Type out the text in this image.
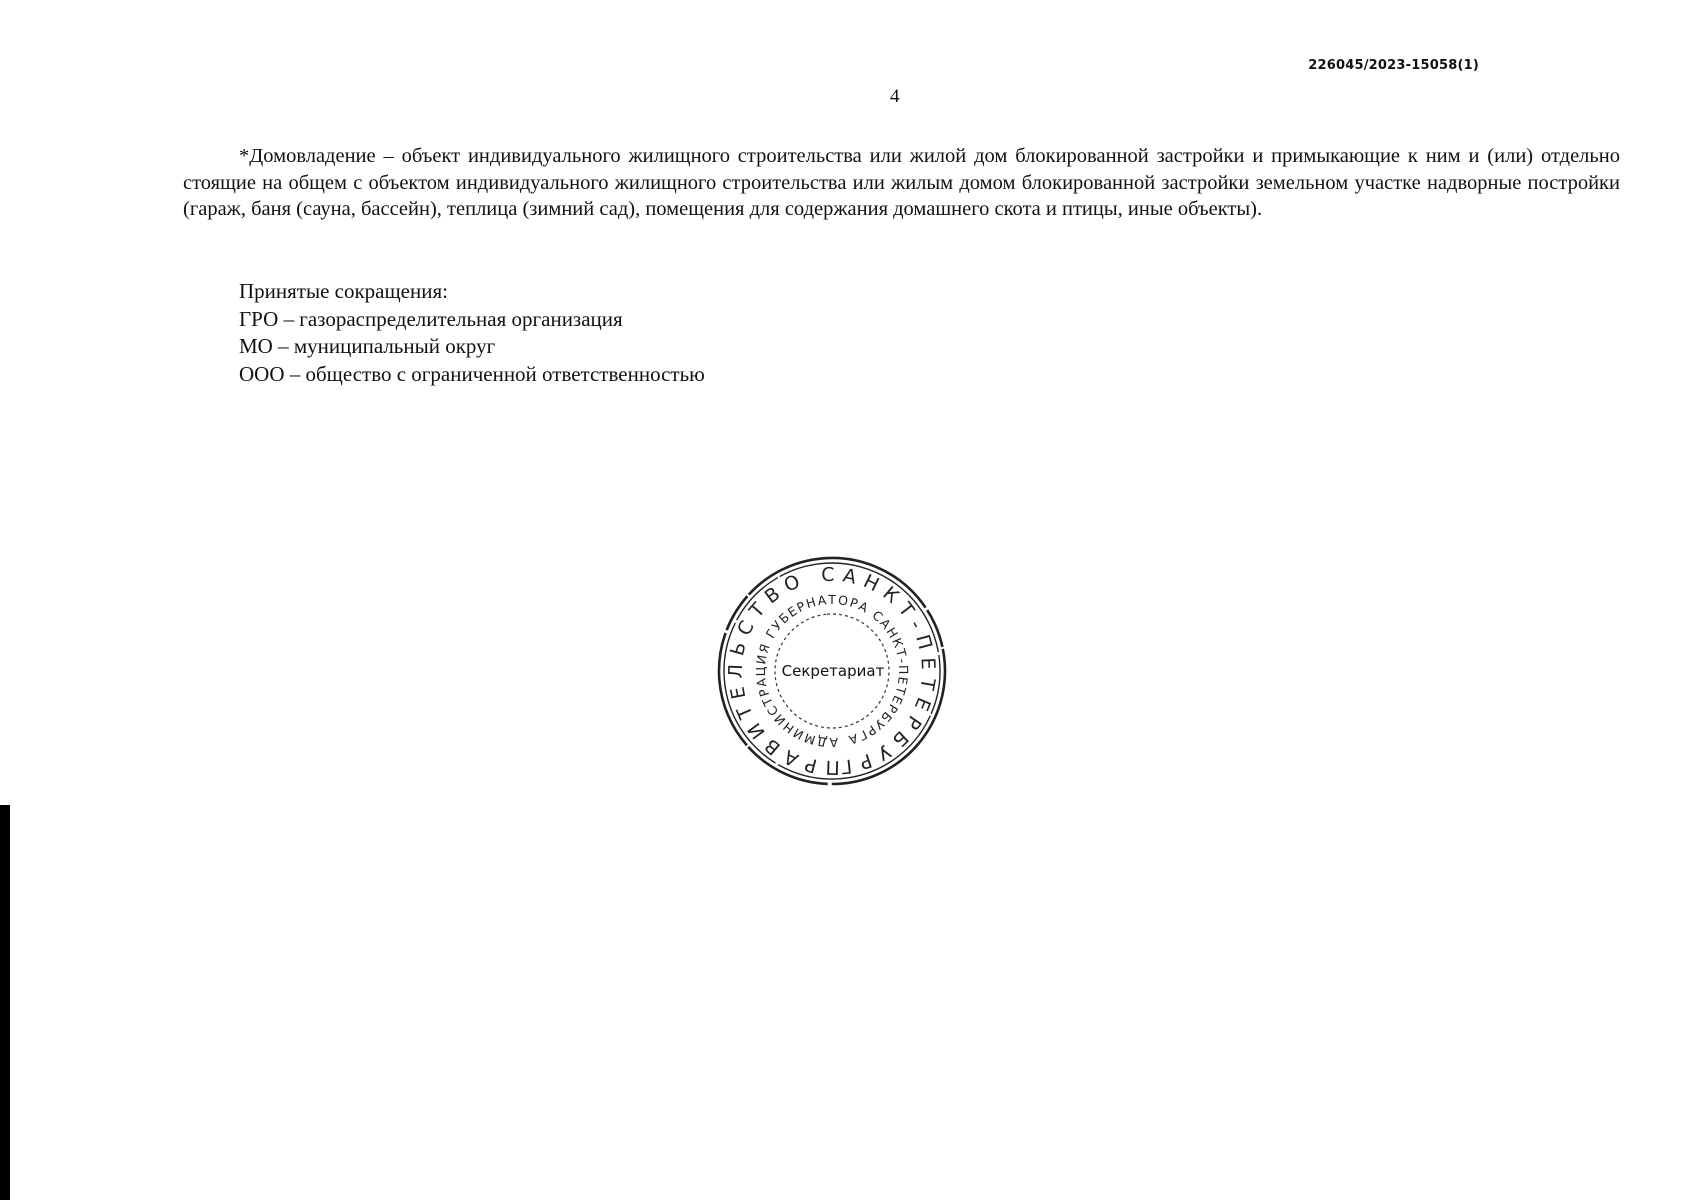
226045/2023-15058(1)
4

*Домовладение – объект индивидуального жилищного строительства или жилой дом блокированной застройки и примыкающие к ним и (или) отдельно стоящие на общем с объектом индивидуального жилищного строительства или жилым домом блокированной застройки земельном участке надворные постройки (гараж, баня (сауна, бассейн), теплица (зимний сад), помещения для содержания домашнего скота и птицы, иные объекты).

Принятые сокращения:
ГРО – газораспределительная организация
МО – муниципальный округ
ООО – общество с ограниченной ответственностью
ПРАВИТЕЛЬСТВО САНКТ-ПЕТЕРБУРГА
АДМИНИСТРАЦИЯ ГУБЕРНАТОРА САНКТ-ПЕТЕРБУРГА
Секретариат
